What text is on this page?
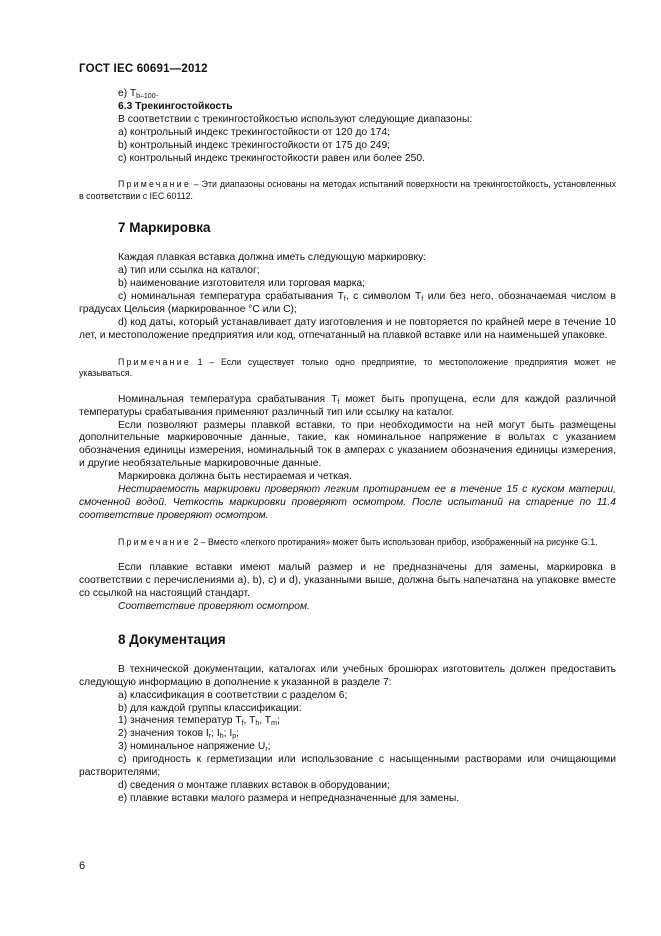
ГОСТ IEC 60691—2012

e) $T_{b-100}$.

6.3 Трекингостойкость

В соответствии с трекингостойкостью используют следующие диапазоны:

a) контрольный индекс трекингостойкости от 120 до 174;

b) контрольный индекс трекингостойкости от 175 до 249;

c) контрольный индекс трекингостойкости равен или более 250.

Примечание – Эти диапазоны основаны на методах испытаний поверхности на трекингостойкость, установленных в соответствии с IEC 60112.

7 Маркировка

Каждая плавкая вставка должна иметь следующую маркировку:

a) тип или ссылка на каталог;

b) наименование изготовителя или торговая марка;

c) номинальная температура срабатывания $T_f$, с символом $T_f$ или без него, обозначаемая числом в градусах Цельсия (маркированное °С или С);

d) код даты, который устанавливает дату изготовления и не повторяется по крайней мере в течение 10 лет, и местоположение предприятия или код, отпечатанный на плавкой вставке или на наименьшей упаковке.

Примечание 1 – Если существует только одно предприятие, то местоположение предприятия может не указываться.

Номинальная температура срабатывания $T_f$ может быть пропущена, если для каждой различной температуры срабатывания применяют различный тип или ссылку на каталог.

Если позволяют размеры плавкой вставки, то при необходимости на ней могут быть размещены дополнительные маркировочные данные, такие, как номинальное напряжение в вольтах с указанием обозначения единицы измерения, номинальный ток в амперах с указанием обозначения единицы измерения, и другие необязательные маркировочные данные.

Маркировка должна быть нестираемая и четкая.

Нестираемость маркировки проверяют легким протиранием ее в течение 15 с куском материи, смоченной водой. Четкость маркировки проверяют осмотром. После испытаний на старение по 11.4 соответствие проверяют осмотром.

Примечание 2 – Вместо «легкого протирания» может быть использован прибор, изображенный на рисунке G.1.

Если плавкие вставки имеют малый размер и не предназначены для замены, маркировка в соответствии с перечислениями a), b), c) и d), указанными выше, должна быть напечатана на упаковке вместе со ссылкой на настоящий стандарт.

Соответствие проверяют осмотром.

8 Документация

В технической документации, каталогах или учебных брошюрах изготовитель должен предоставить следующую информацию в дополнение к указанной в разделе 7:

a) классификация в соответствии с разделом 6;

b) для каждой группы классификации:

1) значения температур $T_f$, $T_h$, $T_m$;

2) значения токов $I_r$; $I_h$; $I_p$;

3) номинальное напряжение $U_r$;

c) пригодность к герметизации или использование с насыщенными растворами или очищающими растворителями;

d) сведения о монтаже плавких вставок в оборудовании;

e) плавкие вставки малого размера и непредназначенные для замены.

6
